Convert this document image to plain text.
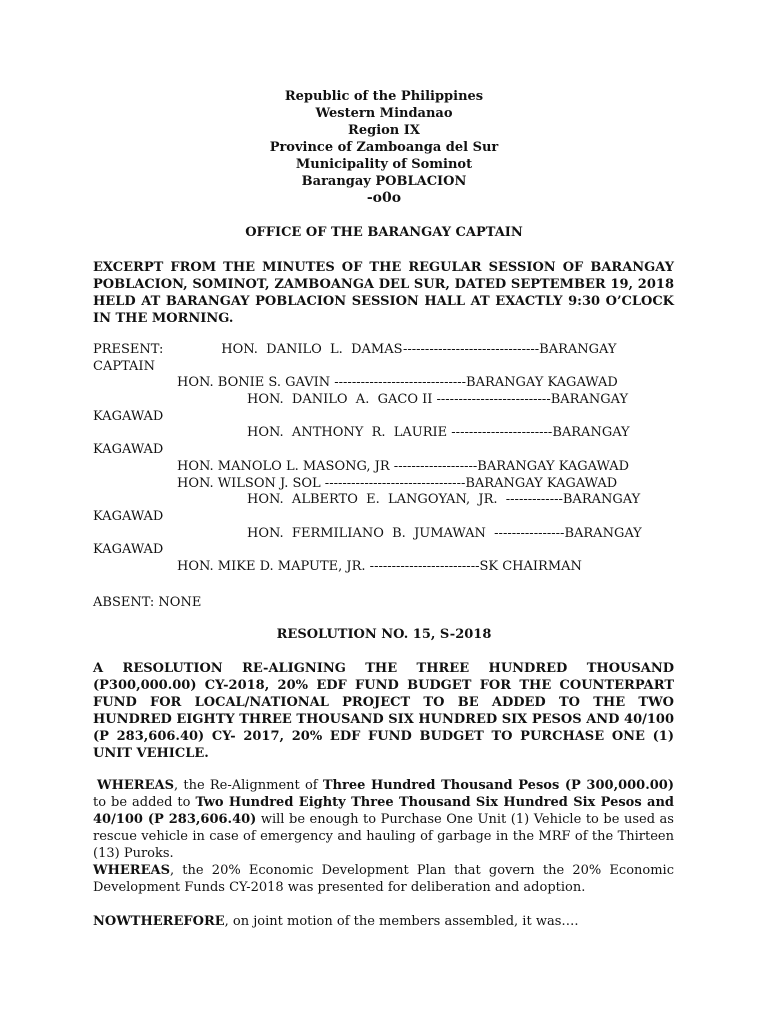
Republic of the Philippines
Western Mindanao
Region IX
Province of Zamboanga del Sur
Municipality of Sominot
Barangay POBLACION
-o0o
OFFICE OF THE BARANGAY CAPTAIN
EXCERPT FROM THE MINUTES OF THE REGULAR SESSION OF BARANGAY POBLACION, SOMINOT, ZAMBOANGA DEL SUR, DATED SEPTEMBER 19, 2018 HELD AT BARANGAY POBLACION SESSION HALL AT EXACTLY 9:30 O’CLOCK IN THE MORNING.
PRESENT:              HON.  DANILO  L.  DAMAS-------------------------------BARANGAY
CAPTAIN
HON. BONIE S. GAVIN ------------------------------BARANGAY KAGAWAD
HON.  DANILO  A.  GACO II --------------------------BARANGAY
KAGAWAD
HON.  ANTHONY  R.  LAURIE -----------------------BARANGAY
KAGAWAD
HON. MANOLO L. MASONG, JR -------------------BARANGAY KAGAWAD
HON. WILSON J. SOL --------------------------------BARANGAY KAGAWAD
HON.  ALBERTO  E.  LANGOYAN,  JR.  -------------BARANGAY
KAGAWAD
HON.  FERMILIANO  B.  JUMAWAN  ----------------BARANGAY
KAGAWAD
HON. MIKE D. MAPUTE, JR. -------------------------SK CHAIRMAN
ABSENT: NONE
RESOLUTION NO. 15, S-2018
A RESOLUTION RE-ALIGNING THE THREE HUNDRED THOUSAND (P300,000.00) CY-2018, 20% EDF FUND BUDGET FOR THE COUNTERPART FUND FOR LOCAL/NATIONAL PROJECT TO BE ADDED TO THE TWO HUNDRED EIGHTY THREE THOUSAND SIX HUNDRED SIX PESOS AND 40/100 (P 283,606.40) CY- 2017, 20% EDF FUND BUDGET TO PURCHASE ONE (1) UNIT VEHICLE.
WHEREAS, the Re-Alignment of Three Hundred Thousand Pesos (P 300,000.00) to be added to Two Hundred Eighty Three Thousand Six Hundred Six Pesos and 40/100 (P 283,606.40) will be enough to Purchase One Unit (1) Vehicle to be used as rescue vehicle in case of emergency and hauling of garbage in the MRF of the Thirteen (13) Puroks.
WHEREAS, the 20% Economic Development Plan that govern the 20% Economic Development Funds CY-2018 was presented for deliberation and adoption.
NOWTHEREFORE, on joint motion of the members assembled, it was….
